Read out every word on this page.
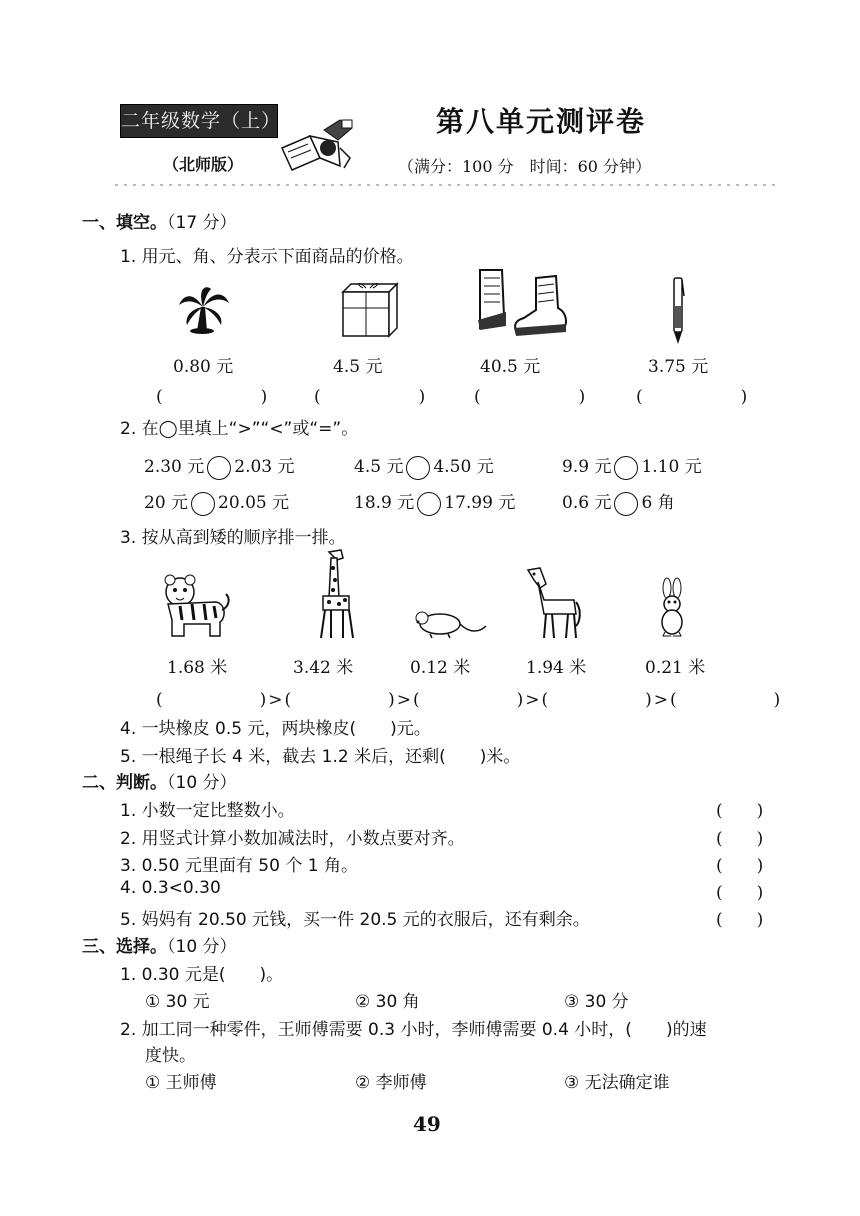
二年级数学（上）
（北师版）
第八单元测评卷
（满分：100 分　时间：60 分钟）
一、填空。（17 分）
1. 用元、角、分表示下面商品的价格。
0.80 元	4.5 元	40.5 元	3.75 元
(　　　　) (　　　　)	(　　　　)	(　　　　)
2. 在◯里填上“>”“<”或“=”。
2.30 元 2.03 元	4.5 元 4.50 元	9.9 元 1.10 元
20 元 20.05 元	18.9 元 17.99 元	0.6 元 6 角
3. 按从高到矮的顺序排一排。
1.68 米	3.42 米	0.12 米	1.94 米	0.21 米
(　　　　　)>(　　　　　)>(　　　　　)>(　　　　　)>(　　　　　)
4. 一块橡皮 0.5 元，两块橡皮(　　)元。
5. 一根绳子长 4 米，截去 1.2 米后，还剩(　　)米。
二、判断。（10 分）
1. 小数一定比整数小。	(　　)
2. 用竖式计算小数加减法时，小数点要对齐。	(　　)
3. 0.50 元里面有 50 个 1 角。	(　　)
4. 0.3<0.30	(　　)
5. 妈妈有 20.50 元钱，买一件 20.5 元的衣服后，还有剩余。	(　　)
三、选择。（10 分）
1. 0.30 元是(　　)。
① 30 元	② 30 角	③ 30 分
2. 加工同一种零件，王师傅需要 0.3 小时，李师傅需要 0.4 小时，(　　)的速
度快。
① 王师傅	② 李师傅	③ 无法确定谁
49
